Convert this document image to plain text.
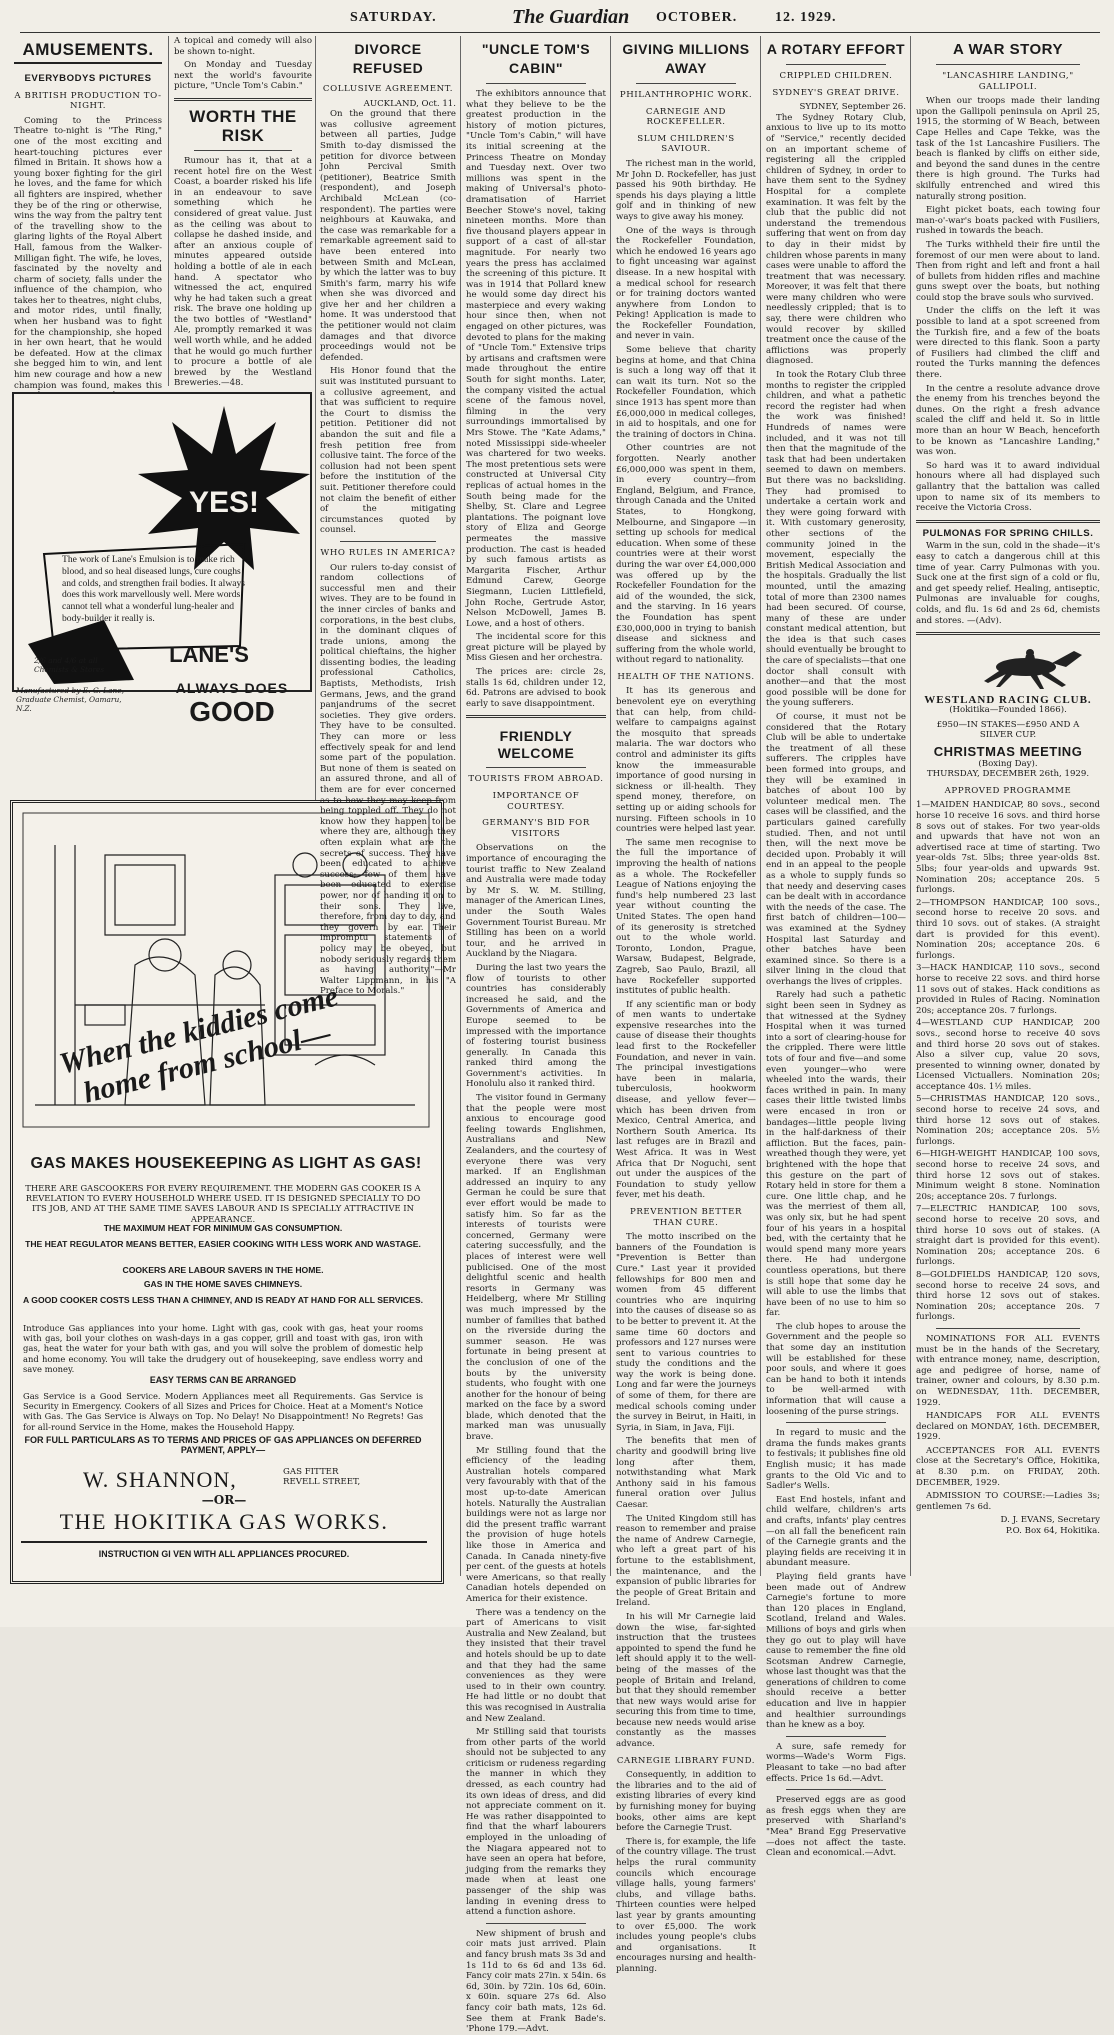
SATURDAY.	The Guardian OCTOBER.	12. 1929.
AMUSEMENTS.
EVERYBODYS PICTURES
A BRITISH PRODUCTION TO-NIGHT.

Coming to the Princess Theatre to-night is "The Ring," one of the most exciting and heart-touching pictures ever filmed in Britain. It shows how a young boxer fighting for the girl he loves, and the fame for which all fighters are inspired, whether they be of the ring or otherwise, wins the way from the paltry tent of the travelling show to the glaring lights of the Royal Albert Hall, famous from the Walker-Milligan fight. The wife, he loves, fascinated by the novelty and charm of society, falls under the influence of the champion, who takes her to theatres, night clubs, and motor rides, until finally, when her husband was to fight for the championship, she hoped in her own heart, that he would be defeated. How at the climax she begged him to win, and lent him new courage and how a new champion was found, makes this

A topical and comedy will also be shown to-night.

On Monday and Tuesday next the world's favourite picture, "Uncle Tom's Cabin."

WORTH THE RISK

Rumour has it, that at a recent hotel fire on the West Coast, a boarder risked his life in an endeavour to save something which he considered of great value. Just as the ceiling was about to collapse he dashed inside, and after an anxious couple of minutes appeared outside holding a bottle of ale in each hand. A spectator who witnessed the act, enquired why he had taken such a great risk. The brave one holding up the two bottles of "Westland" Ale, promptly remarked it was well worth while, and he added that he would go much further to procure a bottle of ale brewed by the Westland Breweries.—48.

YES!
The work of Lane's Emulsion is to make rich blood, and so heal diseased lungs, cure coughs and colds, and strengthen frail bodies. It always does this work marvellously well. Mere words cannot tell what a wonderful lung-healer and body-builder it really is.
2/6 and 4/6 at all Chemists & Stores
LANE'S
ALWAYS DOES
GOOD
Manufactured by E. G. Lane, Graduate Chemist, Oamaru, N.Z.
When the kiddies come home from school—
GAS MAKES HOUSEKEEPING AS LIGHT AS GAS!
THERE ARE GASCOOKERS FOR EVERY REQUIREMENT. THE MODERN GAS COOKER IS A REVELATION TO EVERY HOUSEHOLD WHERE USED. IT IS DESIGNED SPECIALLY TO DO ITS JOB, AND AT THE SAME TIME SAVES LABOUR AND IS SPECIALLY ATTRACTIVE IN APPEARANCE.
THE MAXIMUM HEAT FOR MINIMUM GAS CONSUMPTION.
THE HEAT REGULATOR MEANS BETTER, EASIER COOKING WITH LESS WORK AND WASTAGE.
COOKERS ARE LABOUR SAVERS IN THE HOME.
GAS IN THE HOME SAVES CHIMNEYS.
A GOOD COOKER COSTS LESS THAN A CHIMNEY, AND IS READY AT HAND FOR ALL SERVICES.
Introduce Gas appliances into your home. Light with gas, cook with gas, heat your rooms with gas, boil your clothes on wash-days in a gas copper, grill and toast with gas, iron with gas, heat the water for your bath with gas, and you will solve the problem of domestic help and home economy. You will take the drudgery out of housekeeping, save endless worry and save money.
EASY TERMS CAN BE ARRANGED
Gas Service is a Good Service. Modern Appliances meet all Requirements. Gas Service is Security in Emergency. Cookers of all Sizes and Prices for Choice. Heat at a Moment's Notice with Gas. The Gas Service is Always on Top. No Delay! No Disappointment! No Regrets! Gas for all-round Service in the Home, makes the Household Happy.
FOR FULL PARTICULARS AS TO TERMS AND PRICES OF GAS APPLIANCES ON DEFERRED PAYMENT, APPLY—
W. SHANNON,	GAS FITTER REVELL STREET,
—OR—
THE HOKITIKA GAS WORKS.
INSTRUCTION GI VEN WITH ALL APPLIANCES PROCURED.
DIVORCE REFUSED
COLLUSIVE AGREEMENT.
AUCKLAND, Oct. 11.

On the ground that there was collusive agreement between all parties, Judge Smith to-day dismissed the petition for divorce between John Percival Smith (petitioner), Beatrice Smith (respondent), and Joseph Archibald McLean (co-respondent). The parties were neighbours at Kauwaka, and the case was remarkable for a remarkable agreement said to have been entered into between Smith and McLean, by which the latter was to buy Smith's farm, marry his wife when she was divorced and give her and her children a home. It was understood that the petitioner would not claim damages and that divorce proceedings would not be defended.

His Honor found that the suit was instituted pursuant to a collusive agreement, and that was sufficient to require the Court to dismiss the petition. Petitioner did not abandon the suit and file a fresh petition free from collusive taint. The force of the collusion had not been spent before the institution of the suit. Petitioner therefore could not claim the benefit of either of the mitigating circumstances quoted by counsel.

WHO RULES IN AMERICA?

Our rulers to-day consist of random collections of successful men and their wives. They are to be found in the inner circles of banks and corporations, in the best clubs, in the dominant cliques of trade unions, among the political chieftains, the higher dissenting bodies, the leading professional Catholics, Baptists, Methodists, Irish Germans, Jews, and the grand panjandrums of the secret societies. They give orders. They have to be consulted. They can more or less effectively speak for and lend some part of the population. But none of them is seated on an assured throne, and all of them are for ever concerned as to how they may keep from being toppled off. They do not know how they happen to be where they are, although they often explain what are the secrets of success. They have been educated to achieve success; few of them have been educated to exercise power, nor of handing it on to their sons. They live, therefore, from day to day, and they govern by ear. Their impromptu statements of policy may be obeyed, but nobody seriously regards them as having authority."—Mr Walter Lippmann, in his "A Preface to Morals."

"UNCLE TOM'S CABIN"

The exhibitors announce that what they believe to be the greatest production in the history of motion pictures, "Uncle Tom's Cabin," will have its initial screening at the Princess Theatre on Monday and Tuesday next. Over two millions was spent in the making of Universal's photo-dramatisation of Harriet Beecher Stowe's novel, taking nineteen months. More than five thousand players appear in support of a cast of all-star magnitude. For nearly two years the press has acclaimed the screening of this picture. It was in 1914 that Pollard knew he would some day direct his masterpiece and every waking hour since then, when not engaged on other pictures, was devoted to plans for the making of "Uncle Tom." Extensive trips by artisans and craftsmen were made throughout the entire South for sight months. Later, the company visited the actual scene of the famous novel, filming in the very surroundings immortalised by Mrs Stowe. The "Kate Adams," noted Mississippi side-wheeler was chartered for two weeks. The most pretentious sets were constructed at Universal City replicas of actual homes in the South being made for the Shelby, St. Clare and Legree plantations. The poignant love story of Eliza and George permeates the massive production. The cast is headed by such famous artists as Margarita Fischer, Arthur Edmund Carew, George Siegmann, Lucien Littlefield, John Roche, Gertrude Astor, Nelson McDowell, James B. Lowe, and a host of others.

The incidental score for this great picture will be played by Miss Giesen and her orchestra.

The prices are: circle 2s, stalls 1s 6d, children under 12, 6d. Patrons are advised to book early to save disappointment.

FRIENDLY WELCOME
TOURISTS FROM ABROAD.
IMPORTANCE OF COURTESY.
GERMANY'S BID FOR VISITORS

Observations on the importance of encouraging the tourist traffic to New Zealand and Australia were made today by Mr S. W. M. Stilling, manager of the American Lines, under the South Wales Government Tourist Bureau. Mr Stilling has been on a world tour, and he arrived in Auckland by the Niagara.

During the last two years the flow of tourists to other countries has considerably increased he said, and the Governments of America and Europe seemed to be impressed with the importance of fostering tourist business generally. In Canada this ranked third among the Government's activities. In Honolulu also it ranked third.

The visitor found in Germany that the people were most anxious to encourage good feeling towards Englishmen, Australians and New Zealanders, and the courtesy of everyone there was very marked. If an Englishman addressed an inquiry to any German he could be sure that ever effort would be made to satisfy him. So far as the interests of tourists were concerned, Germany were catering successfully, and the places of interest were well publicised. One of the most delightful scenic and health resorts in Germany was Heidelberg, where Mr Stilling was much impressed by the number of families that bathed on the riverside during the summer season. He was fortunate in being present at the conclusion of one of the bouts by the university students, who fought with one another for the honour of being marked on the face by a sword blade, which denoted that the marked man was unusually brave.

Mr Stilling found that the efficiency of the leading Australian hotels compared very favourably with that of the most up-to-date American hotels. Naturally the Australian buildings were not as large nor did the present traffic warrant the provision of huge hotels like those in America and Canada. In Canada ninety-five per cent. of the guests at hotels were Americans, so that really Canadian hotels depended on America for their existence.

There was a tendency on the part of Americans to visit Australia and New Zealand, but they insisted that their travel and hotels should be up to date and that they had the same conveniences as they were used to in their own country. He had little or no doubt that this was recognised in Australia and New Zealand.

Mr Stilling said that tourists from other parts of the world should not be subjected to any criticism or rudeness regarding the manner in which they dressed, as each country had its own ideas of dress, and did not appreciate comment on it. He was rather disappointed to find that the wharf labourers employed in the unloading of the Niagara appeared not to have seen an opera hat before, judging from the remarks they made when at least one passenger of the ship was landing in evening dress to attend a function ashore.

New shipment of brush and coir mats just arrived. Plain and fancy brush mats 3s 3d and 1s 11d to 6s 6d and 13s 6d. Fancy coir mats 27in. x 54in. 6s 6d, 30in. by 72in. 10s 6d, 60in. x 60in. square 27s 6d. Also fancy coir bath mats, 12s 6d. See them at Frank Bade's. 'Phone 179.—Advt.

GIVING MILLIONS AWAY
PHILANTHROPHIC WORK.
CARNEGIE AND ROCKEFELLER.
SLUM CHILDREN'S SAVIOUR.

The richest man in the world, Mr John D. Rockefeller, has just passed his 90th birthday. He spends his days playing a little golf and in thinking of new ways to give away his money.

One of the ways is through the Rockefeller Foundation, which he endowed 16 years ago to fight unceasing war against disease. In a new hospital with a medical school for research or for training doctors wanted anywhere from London to Peking! Application is made to the Rockefeller Foundation, and never in vain.

Some believe that charity begins at home, and that China is such a long way off that it can wait its turn. Not so the Rockefeller Foundation, which since 1913 has spent more than £6,000,000 in medical colleges, in aid to hospitals, and one for the training of doctors in China.

Other countries are not forgotten. Nearly another £6,000,000 was spent in them, in every country—from England, Belgium, and France, through Canada and the United States, to Hongkong, Melbourne, and Singapore —in setting up schools for medical education. When some of these countries were at their worst during the war over £4,000,000 was offered up by the Rockefeller Foundation for the aid of the wounded, the sick, and the starving. In 16 years the Foundation has spent £30,000,000 in trying to banish disease and sickness and suffering from the whole world, without regard to nationality.

HEALTH OF THE NATIONS.

It has its generous and benevolent eye on everything that can help, from child-welfare to campaigns against the mosquito that spreads malaria. The war doctors who control and administer its gifts know the immeasurable importance of good nursing in sickness or ill-health. They spend money, therefore, on setting up or aiding schools for nursing. Fifteen schools in 10 countries were helped last year.

The same men recognise to the full the importance of improving the health of nations as a whole. The Rockefeller League of Nations enjoying the fund's help numbered 23 last year without counting the United States. The open hand of its generosity is stretched out to the whole world. Toronto, London, Prague, Warsaw, Budapest, Belgrade, Zagreb, Sao Paulo, Brazil, all have Rockefeller supported institutes of public health.

If any scientific man or body of men wants to undertake expensive researches into the cause of disease their thoughts lead first to the Rockefeller Foundation, and never in vain. The principal investigations have been in malaria, tuberculosis, hookworm disease, and yellow fever—which has been driven from Mexico, Central America, and Northern South America. Its last refuges are in Brazil and West Africa. It was in West Africa that Dr Noguchi, sent out under the auspices of the Foundation to study yellow fever, met his death.

PREVENTION BETTER THAN CURE.

The motto inscribed on the banners of the Foundation is "Prevention is Better than Cure." Last year it provided fellowships for 800 men and women from 45 different countries who are inquiring into the causes of disease so as to be better to prevent it. At the same time 60 doctors and professors and 127 nurses were sent to various countries to study the conditions and the way the work is being done. Long and far were the journeys of some of them, for there are medical schools coming under the survey in Beirut, in Haiti, in Syria, in Siam, in Java, Fiji.

The benefits that men of charity and goodwill bring live long after them, notwithstanding what Mark Anthony said in his famous funeral oration over Julius Caesar.

The United Kingdom still has reason to remember and praise the name of Andrew Carnegie, who left a great part of his fortune to the establishment, the maintenance, and the expansion of public libraries for the people of Great Britain and Ireland.

In his will Mr Carnegie laid down the wise, far-sighted instruction that the trustees appointed to spend the fund he left should apply it to the well-being of the masses of the people of Britain and Ireland, but that they should remember that new ways would arise for securing this from time to time, because new needs would arise constantly as the masses advance.

CARNEGIE LIBRARY FUND.

Consequently, in addition to the libraries and to the aid of existing libraries of every kind by furnishing money for buying books, other aims are kept before the Carnegie Trust.

There is, for example, the life of the country village. The trust helps the rural community councils which encourage village halls, young farmers' clubs, and village baths. Thirteen counties were helped last year by grants amounting to over £5,000. The work includes young people's clubs and organisations. It encourages nursing and health-planning.

A ROTARY EFFORT
CRIPPLED CHILDREN.
SYDNEY'S GREAT DRIVE.
SYDNEY, September 26.

The Sydney Rotary Club, anxious to live up to its motto of "Service," recently decided on an important scheme of registering all the crippled children of Sydney, in order to have them sent to the Sydney Hospital for a complete examination. It was felt by the club that the public did not understand the tremendous suffering that went on from day to day in their midst by children whose parents in many cases were unable to afford the treatment that was necessary. Moreover, it was felt that there were many children who were needlessly crippled; that is to say, there were children who would recover by skilled treatment once the cause of the afflictions was properly diagnosed.

In took the Rotary Club three months to register the crippled children, and what a pathetic record the register had when the work was finished! Hundreds of names were included, and it was not till then that the magnitude of the task that had been undertaken seemed to dawn on members. But there was no backsliding. They had promised to undertake a certain work and they were going forward with it. With customary generosity, other sections of the community joined in the movement, especially the British Medical Association and the hospitals. Gradually the list mounted, until the amazing total of more than 2300 names had been secured. Of course, many of these are under constant medical attention, but the idea is that such cases should eventually be brought to the care of specialists—that one doctor shall consult with another—and that the most good possible will be done for the young sufferers.

Of course, it must not be considered that the Rotary Club will be able to undertake the treatment of all these sufferers. The cripples have been formed into groups, and they will be examined in batches of about 100 by volunteer medical men. The cases will be classified, and the particulars gained carefully studied. Then, and not until then, will the next move be decided upon. Probably it will end in an appeal to the people as a whole to supply funds so that needy and deserving cases can be dealt with in accordance with the needs of the case. The first batch of children—100—was examined at the Sydney Hospital last Saturday and other batches have been examined since. So there is a silver lining in the cloud that overhangs the lives of cripples.

Rarely had such a pathetic sight been seen in Sydney as that witnessed at the Sydney Hospital when it was turned into a sort of clearing-house for the crippled. There were little tots of four and five—and some even younger—who were wheeled into the wards, their faces writhed in pain. In many cases their little twisted limbs were encased in iron or bandages—little people living in the half-darkness of their affliction. But the faces, pain-wreathed though they were, yet brightened with the hope that this gesture on the part of Rotary held in store for them a cure. One little chap, and he was the merriest of them all, was only six, but he had spent four of his years in a hospital bed, with the certainty that he would spend many more years there. He had undergone countless operations, but there is still hope that some day he will able to use the limbs that have been of no use to him so far.

The club hopes to arouse the Government and the people so that some day an institution will be established for these poor souls, and where it goes can be hand to both it intends to be well-armed with information that will cause a loosening of the purse strings.

In regard to music and the drama the funds makes grants to festivals; it publishes fine old English music; it has made grants to the Old Vic and to Sadler's Wells.

East End hostels, infant and child welfare, children's arts and crafts, infants' play centres—on all fall the beneficent rain of the Carnegie grants and the playing fields are receiving it in abundant measure.

Playing field grants have been made out of Andrew Carnegie's fortune to more than 120 places in England, Scotland, Ireland and Wales. Millions of boys and girls when they go out to play will have cause to remember the fine old Scotsman Andrew Carnegie, whose last thought was that the generations of children to come should receive a better education and live in happier and healthier surroundings than he knew as a boy.

A sure, safe remedy for worms—Wade's Worm Figs. Pleasant to take —no bad after effects. Price 1s 6d.—Advt.

Preserved eggs are as good as fresh eggs when they are preserved with Sharland's "Mea" Brand Egg Preservative—does not affect the taste. Clean and economical.—Advt.

A WAR STORY
"LANCASHIRE LANDING," GALLIPOLI.

When our troops made their landing upon the Gallipoli peninsula on April 25, 1915, the storming of W Beach, between Cape Helles and Cape Tekke, was the task of the 1st Lancashire Fusiliers. The beach is flanked by cliffs on either side, and beyond the sand dunes in the centre there is high ground. The Turks had skilfully entrenched and wired this naturally strong position.

Eight picket boats, each towing four man-o'-war's boats packed with Fusiliers, rushed in towards the beach.

The Turks withheld their fire until the foremost of our men were about to land. Then from right and left and front a hail of bullets from hidden rifles and machine guns swept over the boats, but nothing could stop the brave souls who survived.

Under the cliffs on the left it was possible to land at a spot screened from the Turkish fire, and a few of the boats were directed to this flank. Soon a party of Fusiliers had climbed the cliff and routed the Turks manning the defences there.

In the centre a resolute advance drove the enemy from his trenches beyond the dunes. On the right a fresh advance scaled the cliff and held it. So in little more than an hour W Beach, henceforth to be known as "Lancashire Landing," was won.

So hard was it to award individual honours where all had displayed such gallantry that the battalion was called upon to name six of its members to receive the Victoria Cross.

PULMONAS FOR SPRING CHILLS.

Warm in the sun, cold in the shade—it's easy to catch a dangerous chill at this time of year. Carry Pulmonas with you. Suck one at the first sign of a cold or flu, and get speedy relief. Healing, antiseptic, Pulmonas are invaluable for coughs, colds, and flu. 1s 6d and 2s 6d, chemists and stores. —(Adv).

WESTLAND RACING CLUB.
(Hokitika—Founded 1866).
£950—IN STAKES—£950 AND A SILVER CUP.
CHRISTMAS MEETING
(Boxing Day).
THURSDAY, DECEMBER 26th, 1929.
APPROVED PROGRAMME

1—MAIDEN HANDICAP, 80 sovs., second horse 10 receive 16 sovs. and third horse 8 sovs out of stakes. For two year-olds and upwards that have not won an advertised race at time of starting. Two year-olds 7st. 5lbs; three year-olds 8st. 5lbs; four year-olds and upwards 9st. Nomination 20s; acceptance 20s. 5 furlongs.

2—THOMPSON HANDICAP, 100 sovs., second horse to receive 20 sovs. and third 10 sovs. out of stakes. (A straight dart is provided for this event). Nomination 20s; acceptance 20s. 6 furlongs.

3—HACK HANDICAP, 110 sovs., second horse to receive 22 sovs. and third horse 11 sovs out of stakes. Hack conditions as provided in Rules of Racing. Nomination 20s; acceptance 20s. 7 furlongs.

4—WESTLAND CUP HANDICAP, 200 sovs., second horse to receive 40 sovs and third horse 20 sovs out of stakes. Also a silver cup, value 20 sovs, presented to winning owner, donated by Licensed Victuallers. Nomination 20s; acceptance 40s. 1½ miles.

5—CHRISTMAS HANDICAP, 120 sovs., second horse to receive 24 sovs, and third horse 12 sovs out of stakes. Nomination 20s; acceptance 20s. 5½ furlongs.

6—HIGH-WEIGHT HANDICAP, 100 sovs, second horse to receive 24 sovs, and third horse 12 sovs out of stakes. Minimum weight 8 stone. Nomination 20s; acceptance 20s. 7 furlongs.

7—ELECTRIC HANDICAP, 100 sovs, second horse to receive 20 sovs, and third horse 10 sovs out of stakes. (A straight dart is provided for this event). Nomination 20s; acceptance 20s. 6 furlongs.

8—GOLDFIELDS HANDICAP, 120 sovs, second horse to receive 24 sovs, and third horse 12 sovs out of stakes. Nomination 20s; acceptance 20s. 7 furlongs.

NOMINATIONS FOR ALL EVENTS must be in the hands of the Secretary, with entrance money, name, description, age and pedigree of horse, name of trainer, owner and colours, by 8.30 p.m. on WEDNESDAY, 11th. DECEMBER, 1929.

HANDICAPS FOR ALL EVENTS declared on MONDAY, 16th. DECEMBER, 1929.

ACCEPTANCES FOR ALL EVENTS close at the Secretary's Office, Hokitika, at 8.30 p.m. on FRIDAY, 20th. DECEMBER, 1929.

ADMISSION TO COURSE:—Ladies 3s; gentlemen 7s 6d.

D. J. EVANS, Secretary
P.O. Box 64, Hokitika.
